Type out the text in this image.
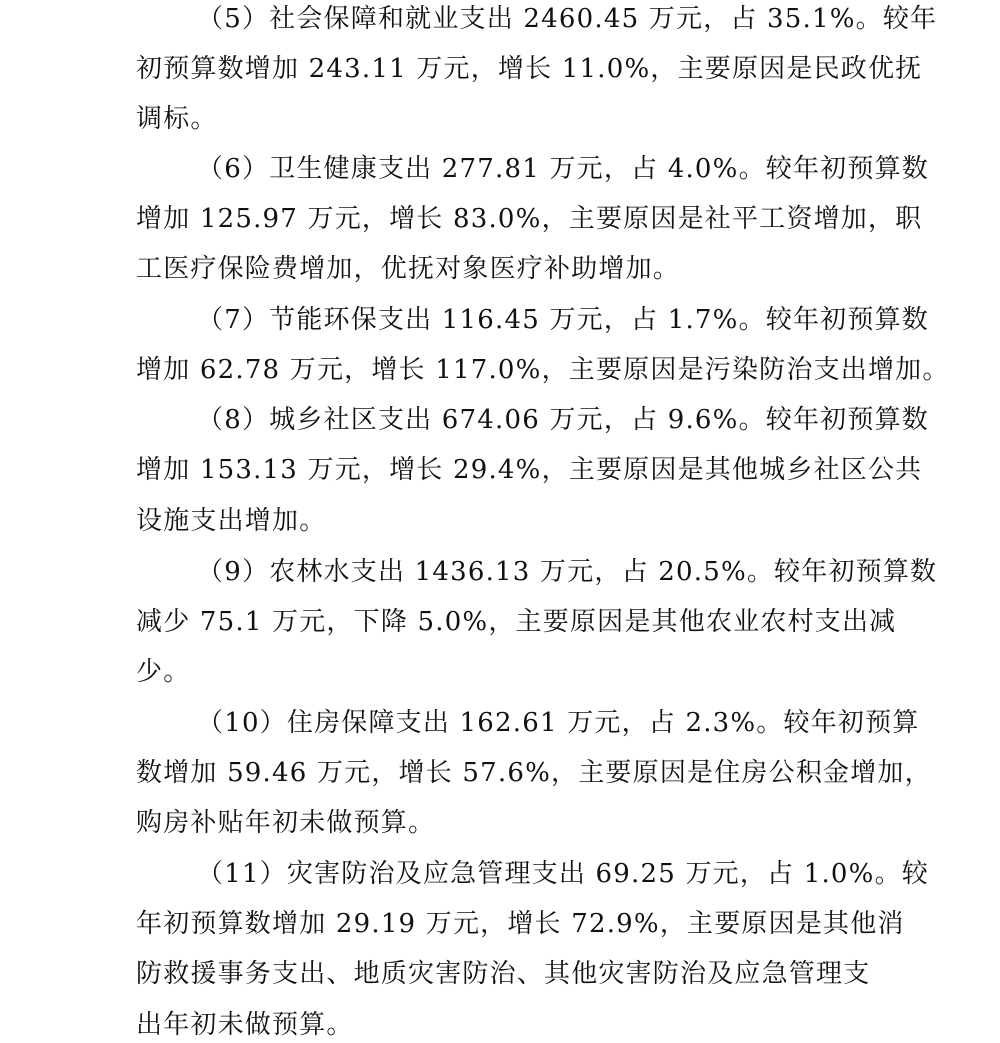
（5）社会保障和就业支出 2460.45 万元，占 35.1%。较年
初预算数增加 243.11 万元，增长 11.0%，主要原因是民政优抚
调标。
（6）卫生健康支出 277.81 万元，占 4.0%。较年初预算数
增加 125.97 万元，增长 83.0%，主要原因是社平工资增加，职
工医疗保险费增加，优抚对象医疗补助增加。
（7）节能环保支出 116.45 万元，占 1.7%。较年初预算数
增加 62.78 万元，增长 117.0%，主要原因是污染防治支出增加。
（8）城乡社区支出 674.06 万元，占 9.6%。较年初预算数
增加 153.13 万元，增长 29.4%，主要原因是其他城乡社区公共
设施支出增加。
（9）农林水支出 1436.13 万元，占 20.5%。较年初预算数
减少 75.1 万元，下降 5.0%，主要原因是其他农业农村支出减
少。
（10）住房保障支出 162.61 万元，占 2.3%。较年初预算
数增加 59.46 万元，增长 57.6%，主要原因是住房公积金增加，
购房补贴年初未做预算。
（11）灾害防治及应急管理支出 69.25 万元，占 1.0%。较
年初预算数增加 29.19 万元，增长 72.9%，主要原因是其他消
防救援事务支出、地质灾害防治、其他灾害防治及应急管理支
出年初未做预算。
